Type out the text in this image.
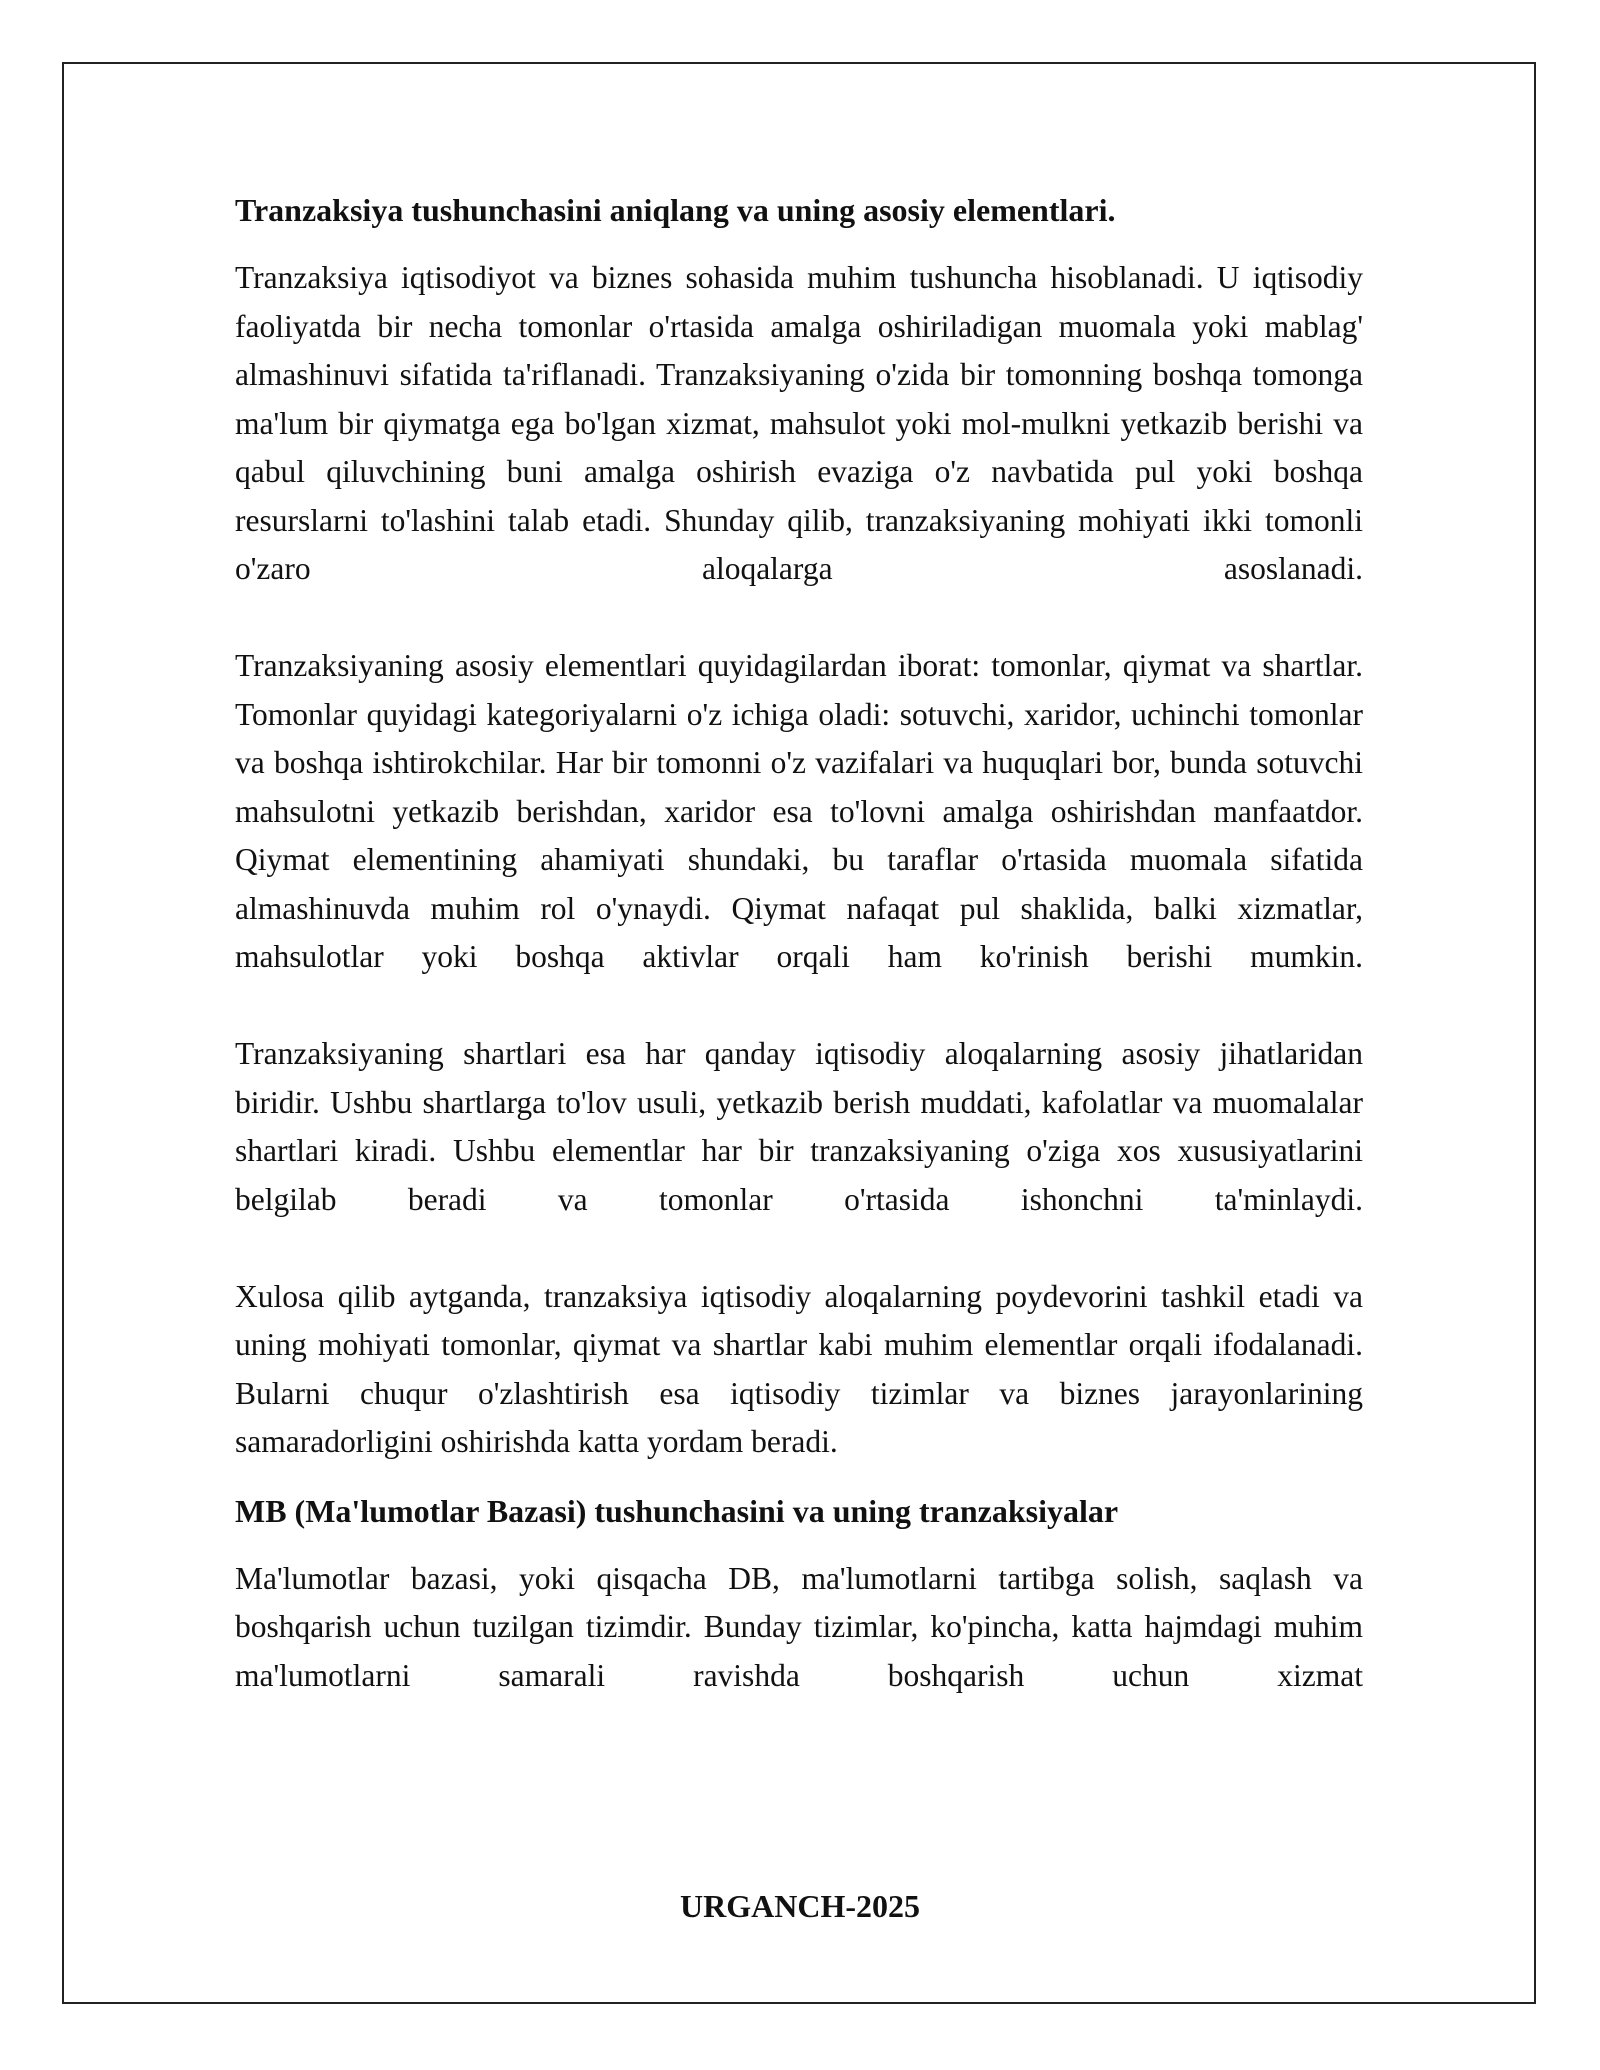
Tranzaksiya tushunchasini aniqlang va uning asosiy elementlari.

Tranzaksiya iqtisodiyot va biznes sohasida muhim tushuncha hisoblanadi. U iqtisodiy faoliyatda bir necha tomonlar o'rtasida amalga oshiriladigan muomala yoki mablag' almashinuvi sifatida ta'riflanadi. Tranzaksiyaning o'zida bir tomonning boshqa tomonga ma'lum bir qiymatga ega bo'lgan xizmat, mahsulot yoki mol-mulkni yetkazib berishi va qabul qiluvchining buni amalga oshirish evaziga o'z navbatida pul yoki boshqa resurslarni to'lashini talab etadi. Shunday qilib, tranzaksiyaning mohiyati ikki tomonli o'zaro aloqalarga asoslanadi.

Tranzaksiyaning asosiy elementlari quyidagilardan iborat: tomonlar, qiymat va shartlar. Tomonlar quyidagi kategoriyalarni o'z ichiga oladi: sotuvchi, xaridor, uchinchi tomonlar va boshqa ishtirokchilar. Har bir tomonni o'z vazifalari va huquqlari bor, bunda sotuvchi mahsulotni yetkazib berishdan, xaridor esa to'lovni amalga oshirishdan manfaatdor. Qiymat elementining ahamiyati shundaki, bu taraflar o'rtasida muomala sifatida almashinuvda muhim rol o'ynaydi. Qiymat nafaqat pul shaklida, balki xizmatlar, mahsulotlar yoki boshqa aktivlar orqali ham ko'rinish berishi mumkin.

Tranzaksiyaning shartlari esa har qanday iqtisodiy aloqalarning asosiy jihatlaridan biridir. Ushbu shartlarga to'lov usuli, yetkazib berish muddati, kafolatlar va muomalalar shartlari kiradi. Ushbu elementlar har bir tranzaksiyaning o'ziga xos xususiyatlarini belgilab beradi va tomonlar o'rtasida ishonchni ta'minlaydi.

Xulosa qilib aytganda, tranzaksiya iqtisodiy aloqalarning poydevorini tashkil etadi va uning mohiyati tomonlar, qiymat va shartlar kabi muhim elementlar orqali ifodalanadi. Bularni chuqur o'zlashtirish esa iqtisodiy tizimlar va biznes jarayonlarining samaradorligini oshirishda katta yordam beradi.

MB (Ma'lumotlar Bazasi) tushunchasini va uning tranzaksiyalar

Ma'lumotlar bazasi, yoki qisqacha DB, ma'lumotlarni tartibga solish, saqlash va boshqarish uchun tuzilgan tizimdir. Bunday tizimlar, ko'pincha, katta hajmdagi muhim ma'lumotlarni samarali ravishda boshqarish uchun xizmat

URGANCH-2025
